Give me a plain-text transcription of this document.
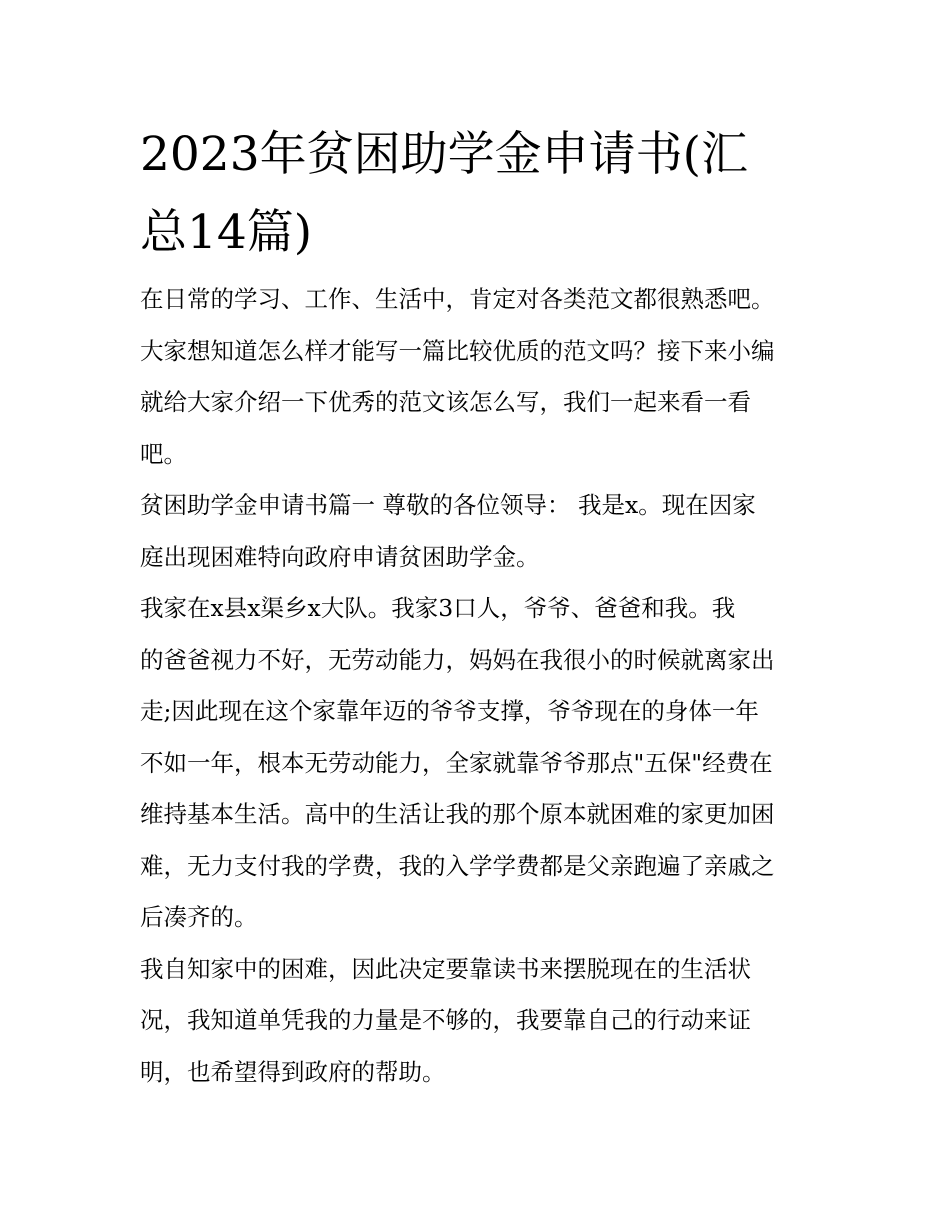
2023年贫困助学金申请书(汇
总14篇)

在日常的学习、工作、生活中，肯定对各类范文都很熟悉吧。
大家想知道怎么样才能写一篇比较优质的范文吗？接下来小编
就给大家介绍一下优秀的范文该怎么写，我们一起来看一看
吧。

贫困助学金申请书篇一 尊敬的各位领导： 我是x。现在因家
庭出现困难特向政府申请贫困助学金。

我家在x县x渠乡x大队。我家3口人，爷爷、爸爸和我。我
的爸爸视力不好，无劳动能力，妈妈在我很小的时候就离家出
走;因此现在这个家靠年迈的爷爷支撑，爷爷现在的身体一年
不如一年，根本无劳动能力，全家就靠爷爷那点"五保"经费在
维持基本生活。高中的生活让我的那个原本就困难的家更加困
难，无力支付我的学费，我的入学学费都是父亲跑遍了亲戚之
后凑齐的。

我自知家中的困难，因此决定要靠读书来摆脱现在的生活状
况，我知道单凭我的力量是不够的，我要靠自己的行动来证
明，也希望得到政府的帮助。
